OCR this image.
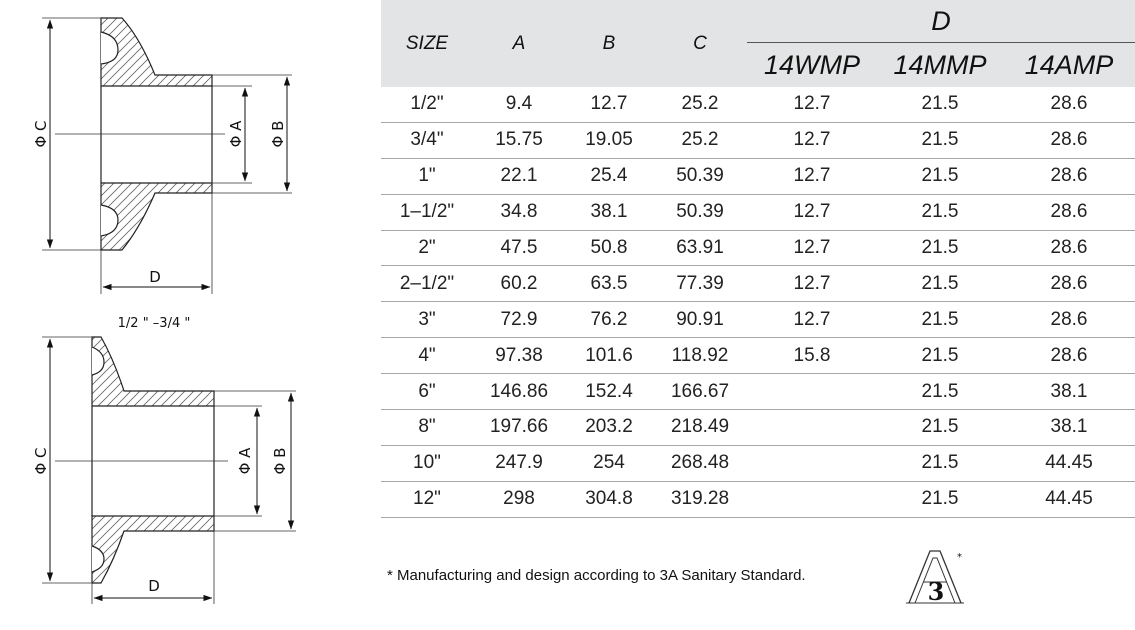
Φ C	Φ A Φ B
D
1/2 " –3/4 "
Φ C	Φ A Φ B
D
SIZE	A	B	C	D		
				14WMP	14MMP	14AMP
1/2"	9.4	12.7	25.2	12.7	21.5	28.6
3/4"	15.75	19.05	25.2	12.7	21.5	28.6
1"	22.1	25.4	50.39	12.7	21.5	28.6
1–1/2"	34.8	38.1	50.39	12.7	21.5	28.6
2"	47.5	50.8	63.91	12.7	21.5	28.6
2–1/2"	60.2	63.5	77.39	12.7	21.5	28.6
3"	72.9	76.2	90.91	12.7	21.5	28.6
4"	97.38	101.6	118.92	15.8	21.5	28.6
6"	146.86	152.4	166.67		21.5	38.1
8"	197.66	203.2	218.49		21.5	38.1
10"	247.9	254	268.48		21.5	44.45
12"	298	304.8	319.28		21.5	44.45
* Manufacturing and design according to 3A Sanitary Standard.
3
*
